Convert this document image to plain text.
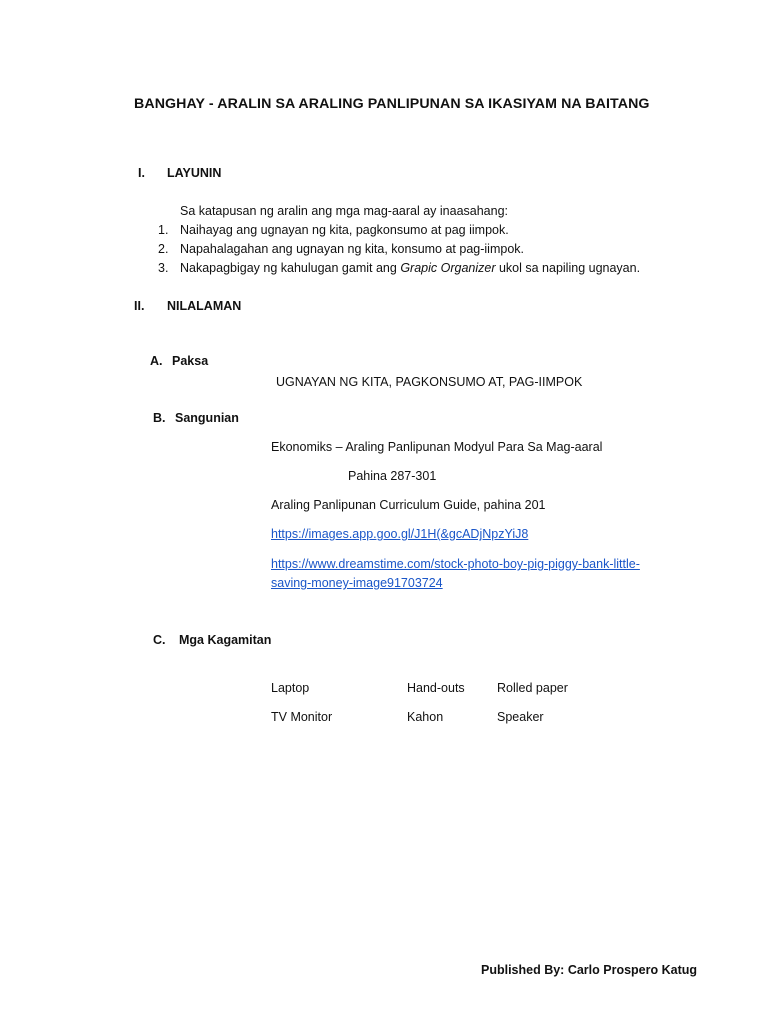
BANGHAY - ARALIN SA ARALING PANLIPUNAN SA IKASIYAM NA BAITANG
I. LAYUNIN
Sa katapusan ng aralin ang mga mag-aaral ay inaasahang:
1. Naihayag ang ugnayan ng kita, pagkonsumo at pag iimpok.
2. Napahalagahan ang ugnayan ng kita, konsumo at pag-iimpok.
3. Nakapagbigay ng kahulugan gamit ang Grapic Organizer ukol sa napiling ugnayan.
II. NILALAMAN
A. Paksa
UGNAYAN NG KITA, PAGKONSUMO AT, PAG-IIMPOK
B. Sangunian
Ekonomiks – Araling Panlipunan Modyul Para Sa Mag-aaral
Pahina 287-301
Araling Panlipunan Curriculum Guide, pahina 201
https://images.app.goo.gl/J1H(&gcADjNpzYiJ8
https://www.dreamstime.com/stock-photo-boy-pig-piggy-bank-little-
saving-money-image91703724
C. Mga Kagamitan
Laptop	Hand-outs	Rolled paper
TV Monitor	Kahon	Speaker
Published By: Carlo Prospero Katug
